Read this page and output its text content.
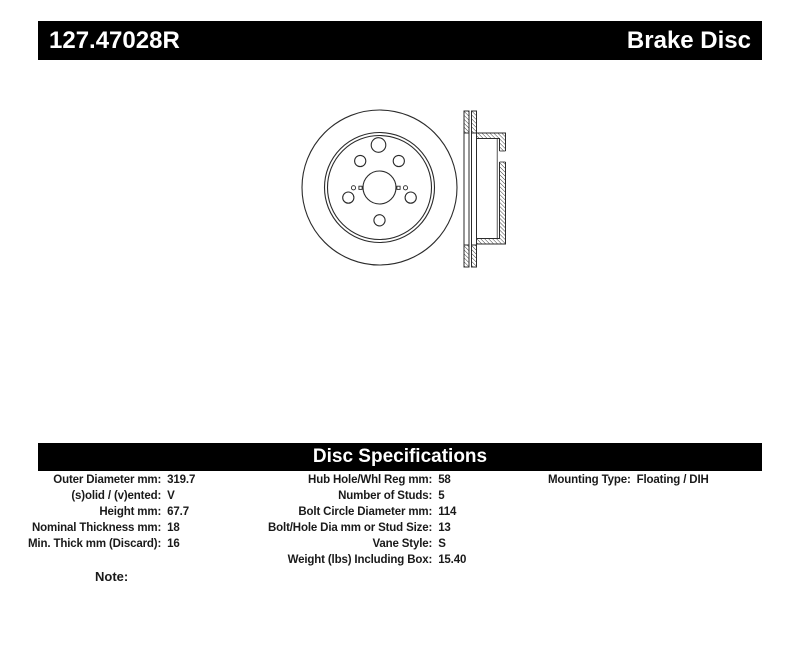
127.47028R	Brake Disc
Disc Specifications
Outer Diameter mm:	319.7
(s)olid / (v)ented:	V
Height mm:	67.7
Nominal Thickness mm:	18
Min. Thick mm (Discard):	16
Hub Hole/Whl Reg mm:	58
Number of Studs:	5
Bolt Circle Diameter mm:	114
Bolt/Hole Dia mm or Stud Size:	13
Vane Style:	S
Weight (lbs) Including Box:	15.40
Mounting Type:	Floating / DIH
Note:
